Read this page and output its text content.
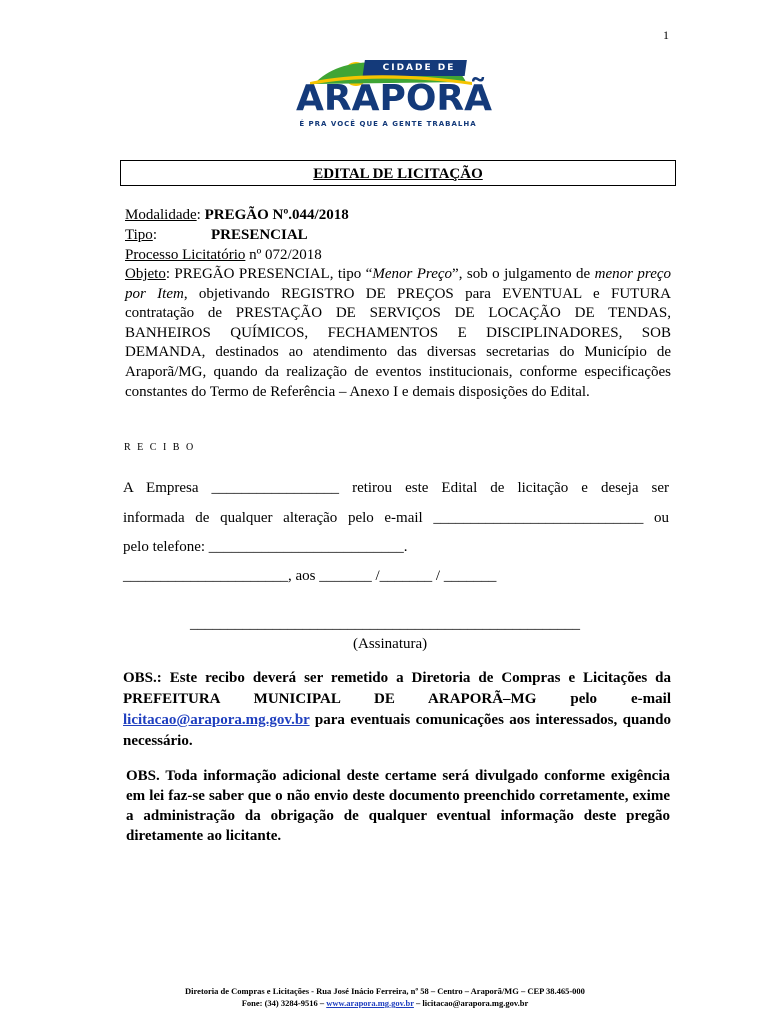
1
CIDADE DE
ARAPORÃ
É PRA VOCÊ QUE A GENTE TRABALHA
EDITAL DE LICITAÇÃO
Modalidade: PREGÃO Nº.044/2018
Tipo:	PRESENCIAL
Processo Licitatório nº 072/2018
Objeto: PREGÃO PRESENCIAL, tipo “Menor Preço”, sob o julgamento de menor preço por Item, objetivando REGISTRO DE PREÇOS para EVENTUAL e FUTURA contratação de PRESTAÇÃO DE SERVIÇOS DE LOCAÇÃO DE TENDAS, BANHEIROS QUÍMICOS, FECHAMENTOS E DISCIPLINADORES, SOB DEMANDA, destinados ao atendimento das diversas secretarias do Município de Araporã/MG, quando da realização de eventos institucionais, conforme especificações constantes do Termo de Referência – Anexo I e demais disposições do Edital.
R E C I B O
A Empresa _________________ retirou este Edital de licitação e deseja ser
informada de qualquer alteração pelo e-mail ____________________________ ou
pelo telefone: __________________________.
______________________, aos _______ /_______ / _______
____________________________________________________
(Assinatura)
OBS.: Este recibo deverá ser remetido a Diretoria de Compras e Licitações da PREFEITURA MUNICIPAL DE ARAPORÃ–MG pelo e-mail licitacao@arapora.mg.gov.br para eventuais comunicações aos interessados, quando necessário.
OBS. Toda informação adicional deste certame será divulgado conforme exigência em lei faz-se saber que o não envio deste documento preenchido corretamente, exime a administração da obrigação de qualquer eventual informação deste pregão diretamente ao licitante.
Diretoria de Compras e Licitações - Rua José Inácio Ferreira, nº 58 – Centro – Araporã/MG – CEP 38.465-000
Fone: (34) 3284-9516 – www.arapora.mg.gov.br – licitacao@arapora.mg.gov.br
